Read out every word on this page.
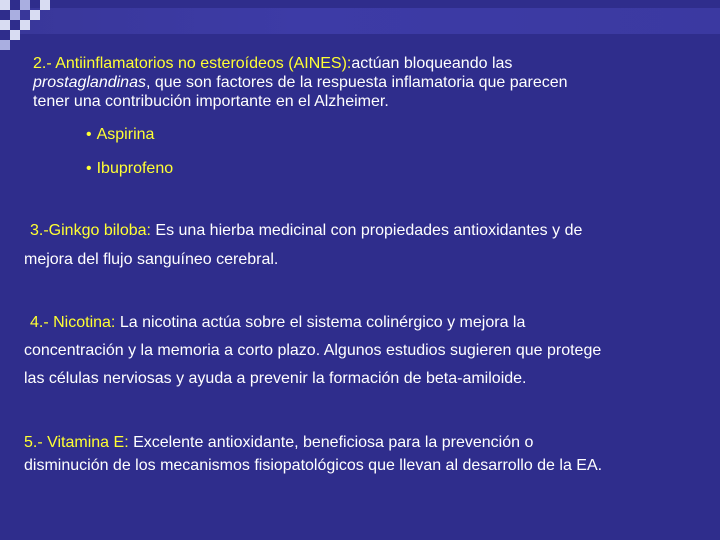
2.- Antiinflamatorios no esteroídeos (AINES):actúan bloqueando las
prostaglandinas, que son factores de la respuesta inflamatoria que parecen
tener una contribución importante en el Alzheimer.
• Aspirina
• Ibuprofeno
3.-Ginkgo biloba: Es una hierba medicinal con propiedades antioxidantes y de
mejora del flujo sanguíneo cerebral.
4.- Nicotina: La nicotina actúa sobre el sistema colinérgico y mejora la
concentración y la memoria a corto plazo. Algunos estudios sugieren que protege
las células nerviosas y ayuda a prevenir la formación de beta-amiloide.
5.- Vitamina E: Excelente antioxidante, beneficiosa para la prevención o
disminución de los mecanismos fisiopatológicos que llevan al desarrollo de la EA.
